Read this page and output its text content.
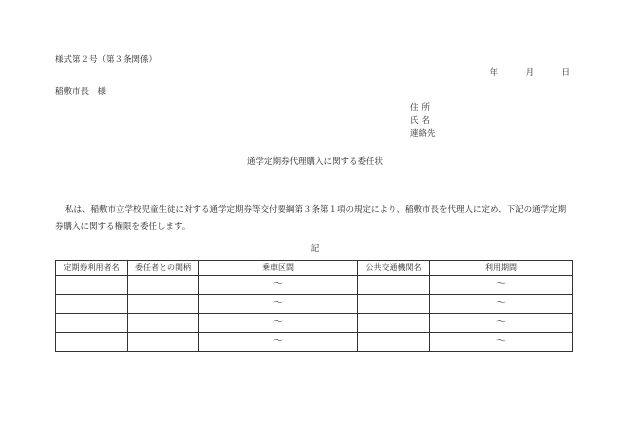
様式第２号（第３条関係）
年	月	日
稲敷市長　様
住所
氏名
連絡先
通学定期券代理購入に関する委任状
私は、稲敷市立学校児童生徒に対する通学定期券等交付要綱第３条第１項の規定により、稲敷市長を代理人に定め、下記の通学定期券購入に関する権限を委任します。
記
定期券利用者名	委任者との関柄	乗車区間	公共交通機関名	利用期間
		〜		〜
		〜		〜
		〜		〜
		〜		〜
